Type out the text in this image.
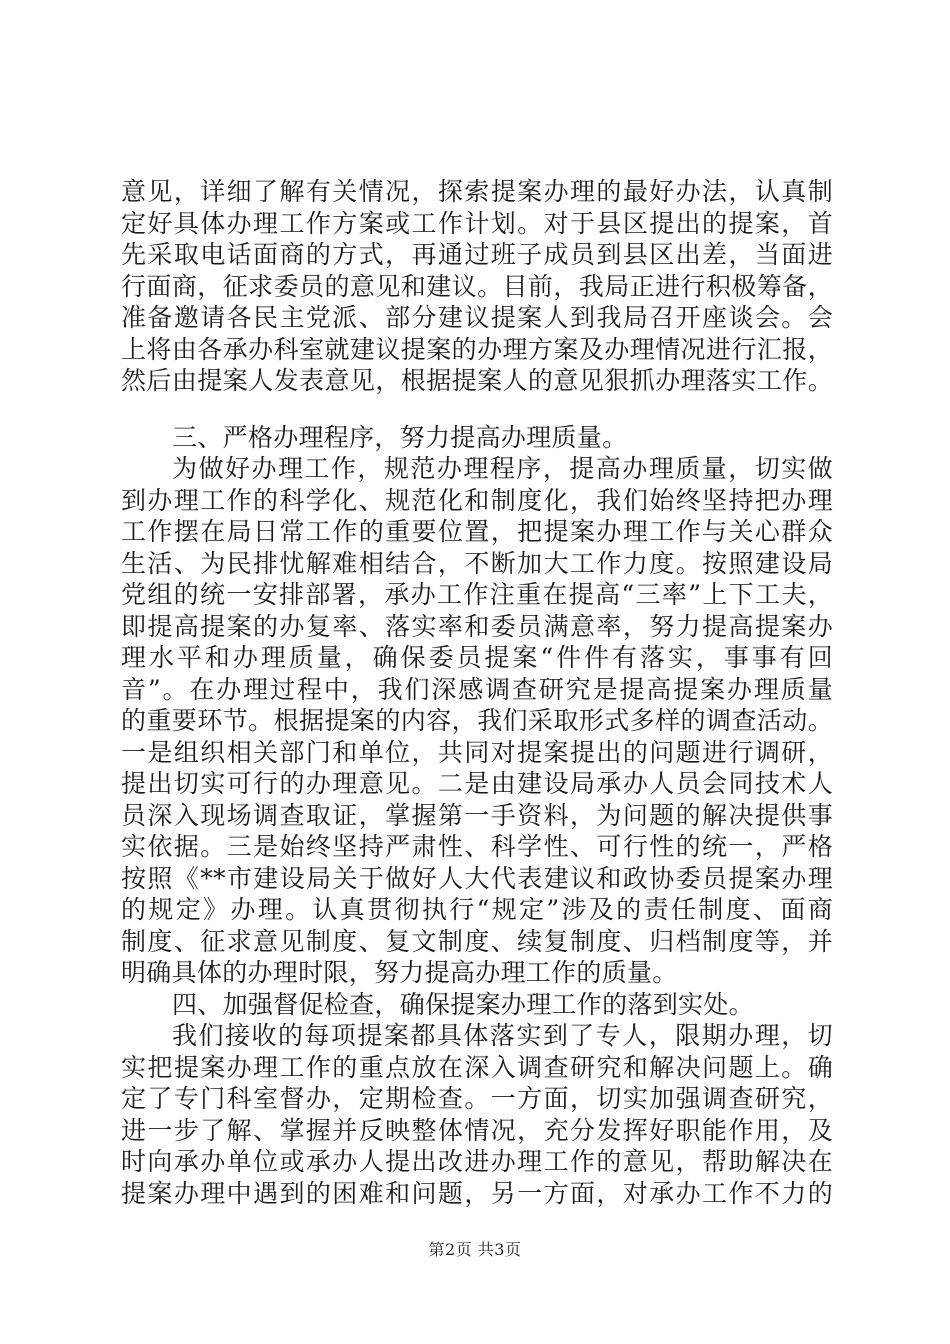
意见，详细了解有关情况，探索提案办理的最好办法，认真制
定好具体办理工作方案或工作计划。对于县区提出的提案，首
先采取电话面商的方式，再通过班子成员到县区出差，当面进
行面商，征求委员的意见和建议。目前，我局正进行积极筹备，
准备邀请各民主党派、部分建议提案人到我局召开座谈会。会
上将由各承办科室就建议提案的办理方案及办理情况进行汇报，
然后由提案人发表意见，根据提案人的意见狠抓办理落实工作。
三、严格办理程序，努力提高办理质量。
为做好办理工作，规范办理程序，提高办理质量，切实做
到办理工作的科学化、规范化和制度化，我们始终坚持把办理
工作摆在局日常工作的重要位置，把提案办理工作与关心群众
生活、为民排忧解难相结合，不断加大工作力度。按照建设局
党组的统一安排部署，承办工作注重在提高“三率”上下工夫，
即提高提案的办复率、落实率和委员满意率，努力提高提案办
理水平和办理质量，确保委员提案“件件有落实，事事有回
音”。在办理过程中，我们深感调查研究是提高提案办理质量
的重要环节。根据提案的内容，我们采取形式多样的调查活动。
一是组织相关部门和单位，共同对提案提出的问题进行调研，
提出切实可行的办理意见。二是由建设局承办人员会同技术人
员深入现场调查取证，掌握第一手资料，为问题的解决提供事
实依据。三是始终坚持严肃性、科学性、可行性的统一，严格
按照《**市建设局关于做好人大代表建议和政协委员提案办理
的规定》办理。认真贯彻执行“规定”涉及的责任制度、面商
制度、征求意见制度、复文制度、续复制度、归档制度等，并
明确具体的办理时限，努力提高办理工作的质量。
四、加强督促检查，确保提案办理工作的落到实处。
我们接收的每项提案都具体落实到了专人，限期办理，切
实把提案办理工作的重点放在深入调查研究和解决问题上。确
定了专门科室督办，定期检查。一方面，切实加强调查研究，
进一步了解、掌握并反映整体情况，充分发挥好职能作用，及
时向承办单位或承办人提出改进办理工作的意见，帮助解决在
提案办理中遇到的困难和问题，另一方面，对承办工作不力的
第2页 共3页
